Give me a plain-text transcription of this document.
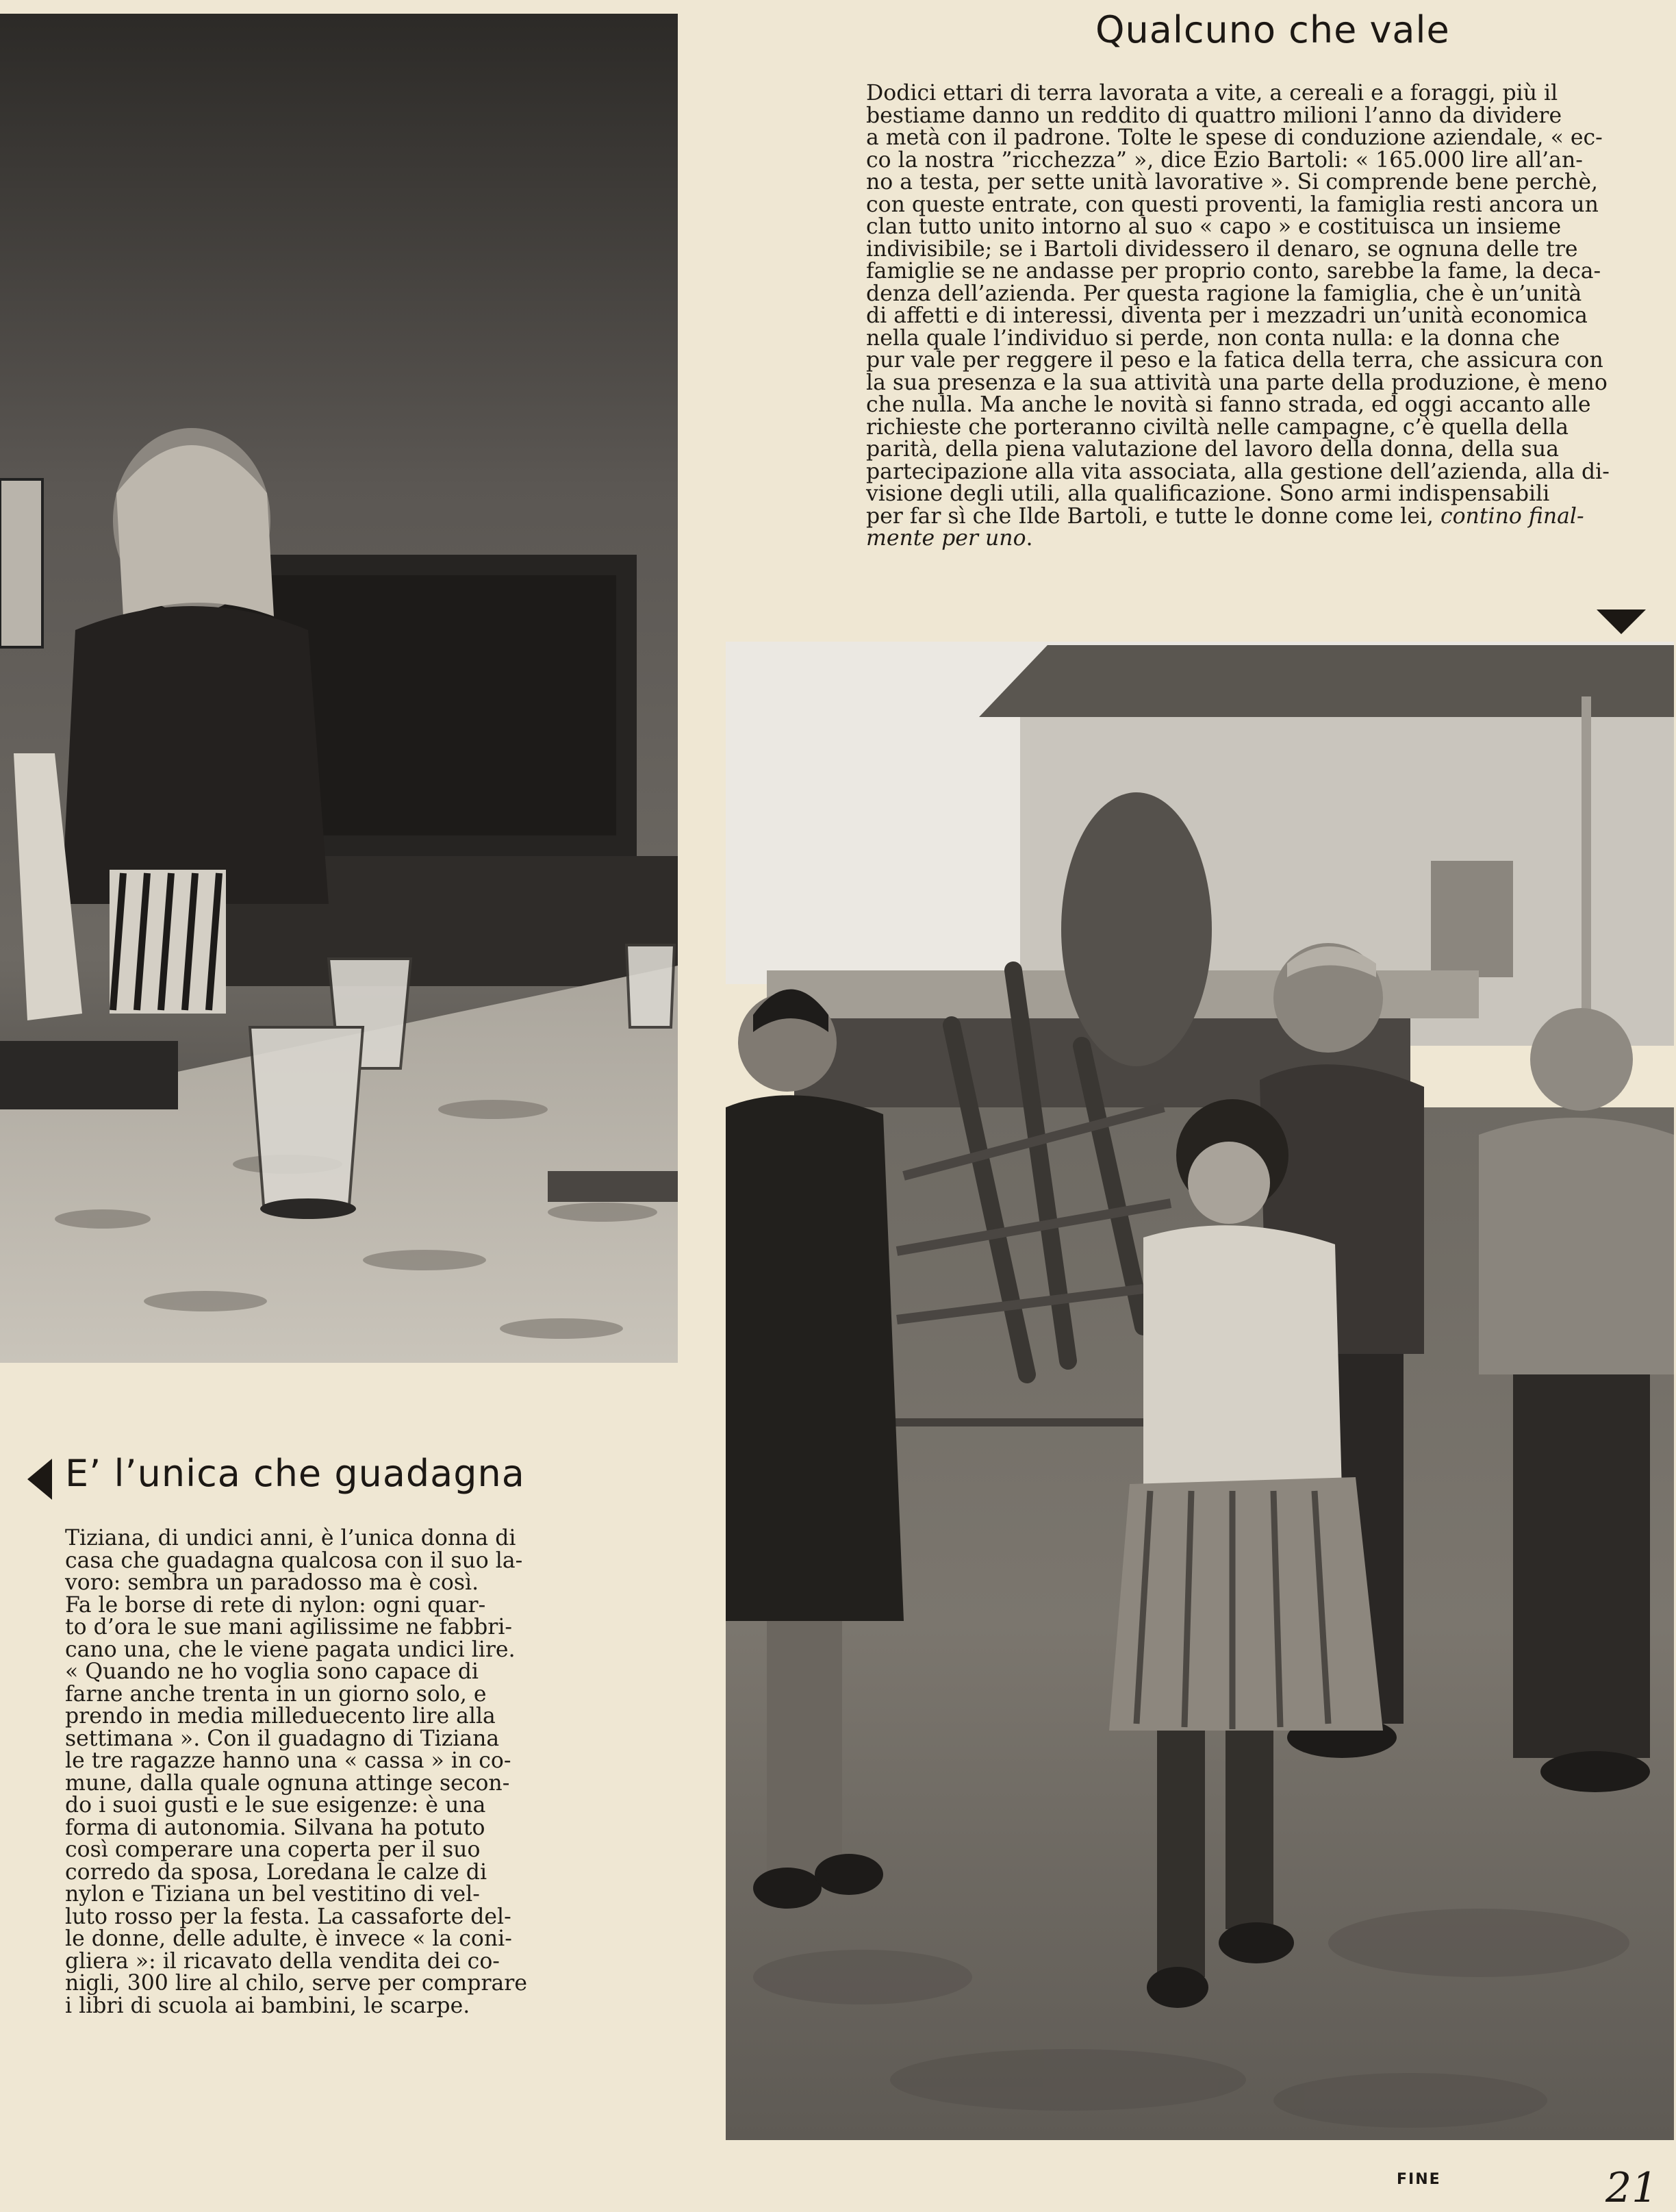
Qualcuno che vale
Dodici ettari di terra lavorata a vite, a cereali e a foraggi, più il
bestiame danno un reddito di quattro milioni l’anno da dividere
a metà con il padrone. Tolte le spese di conduzione aziendale, « ec-
co la nostra ”ricchezza” », dice Ezio Bartoli: « 165.000 lire all’an-
no a testa, per sette unità lavorative ». Si comprende bene perchè,
con queste entrate, con questi proventi, la famiglia resti ancora un
clan tutto unito intorno al suo « capo » e costituisca un insieme
indivisibile; se i Bartoli dividessero il denaro, se ognuna delle tre
famiglie se ne andasse per proprio conto, sarebbe la fame, la deca-
denza dell’azienda. Per questa ragione la famiglia, che è un’unità
di affetti e di interessi, diventa per i mezzadri un’unità economica
nella quale l’individuo si perde, non conta nulla: e la donna che
pur vale per reggere il peso e la fatica della terra, che assicura con
la sua presenza e la sua attività una parte della produzione, è meno
che nulla. Ma anche le novità si fanno strada, ed oggi accanto alle
richieste che porteranno civiltà nelle campagne, c’è quella della
parità, della piena valutazione del lavoro della donna, della sua
partecipazione alla vita associata, alla gestione dell’azienda, alla di-
visione degli utili, alla qualificazione. Sono armi indispensabili
per far sì che Ilde Bartoli, e tutte le donne come lei, contino final-
mente per uno.
E’ l’unica che guadagna
Tiziana, di undici anni, è l’unica donna di
casa che guadagna qualcosa con il suo la-
voro: sembra un paradosso ma è così.
Fa le borse di rete di nylon: ogni quar-
to d’ora le sue mani agilissime ne fabbri-
cano una, che le viene pagata undici lire.
« Quando ne ho voglia sono capace di
farne anche trenta in un giorno solo, e
prendo in media milleduecento lire alla
settimana ». Con il guadagno di Tiziana
le tre ragazze hanno una « cassa » in co-
mune, dalla quale ognuna attinge secon-
do i suoi gusti e le sue esigenze: è una
forma di autonomia. Silvana ha potuto
così comperare una coperta per il suo
corredo da sposa, Loredana le calze di
nylon e Tiziana un bel vestitino di vel-
luto rosso per la festa. La cassaforte del-
le donne, delle adulte, è invece « la coni-
gliera »: il ricavato della vendita dei co-
nigli, 300 lire al chilo, serve per comprare
i libri di scuola ai bambini, le scarpe.
FINE	21
